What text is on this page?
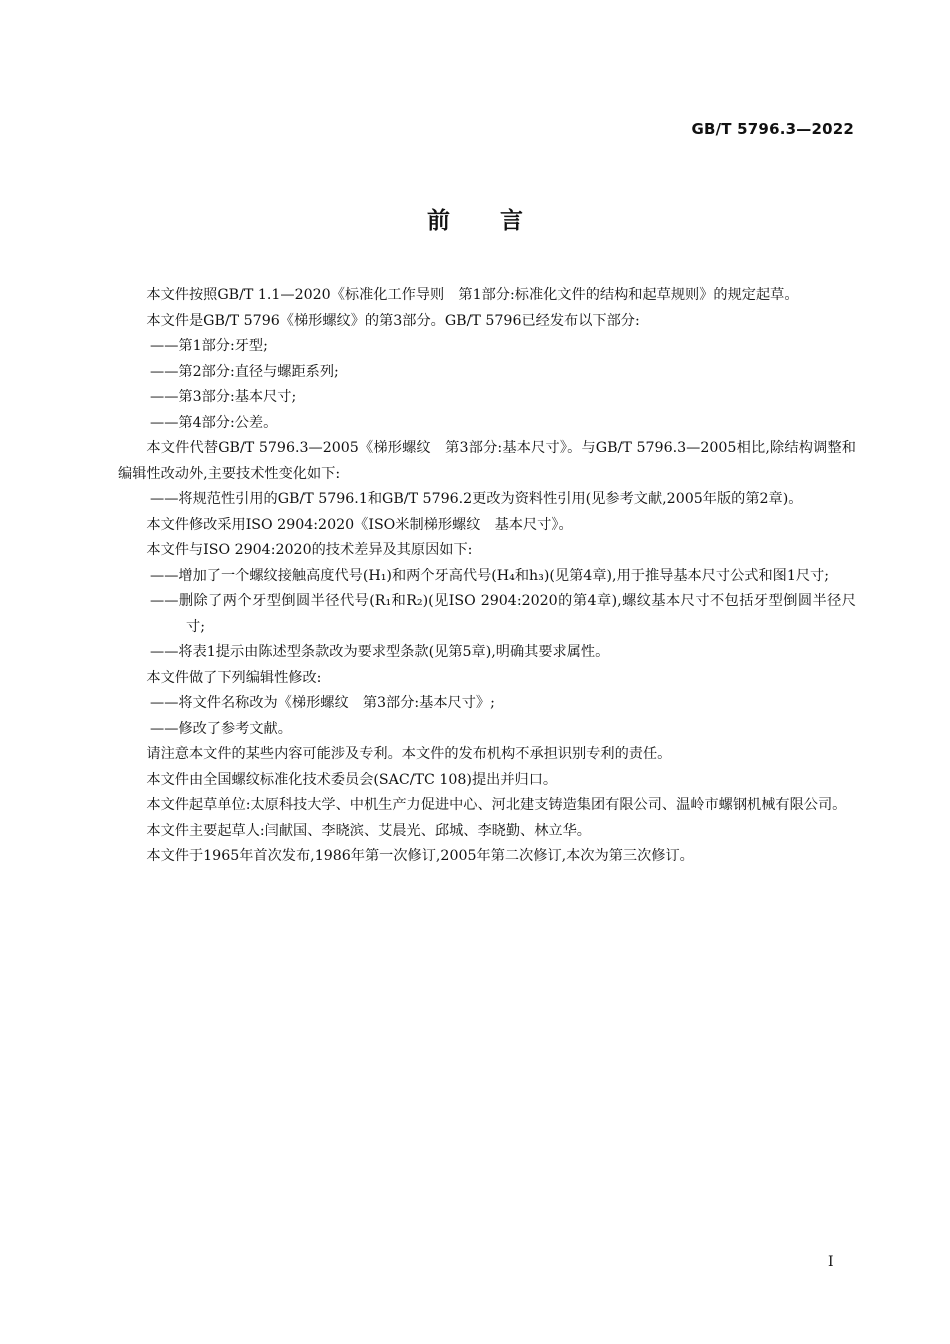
GB/T 5796.3—2022
前言

本文件按照GB/T 1.1—2020《标准化工作导则　第1部分:标准化文件的结构和起草规则》的规定起草。

本文件是GB/T 5796《梯形螺纹》的第3部分。GB/T 5796已经发布以下部分:

——第1部分:牙型;

——第2部分:直径与螺距系列;

——第3部分:基本尺寸;

——第4部分:公差。

本文件代替GB/T 5796.3—2005《梯形螺纹　第3部分:基本尺寸》。与GB/T 5796.3—2005相比,除结构调整和编辑性改动外,主要技术性变化如下:

——将规范性引用的GB/T 5796.1和GB/T 5796.2更改为资料性引用(见参考文献,2005年版的第2章)。

本文件修改采用ISO 2904:2020《ISO米制梯形螺纹　基本尺寸》。

本文件与ISO 2904:2020的技术差异及其原因如下:

——增加了一个螺纹接触高度代号(H₁)和两个牙高代号(H₄和h₃)(见第4章),用于推导基本尺寸公式和图1尺寸;

——删除了两个牙型倒圆半径代号(R₁和R₂)(见ISO 2904:2020的第4章),螺纹基本尺寸不包括牙型倒圆半径尺寸;

——将表1提示由陈述型条款改为要求型条款(见第5章),明确其要求属性。

本文件做了下列编辑性修改:

——将文件名称改为《梯形螺纹　第3部分:基本尺寸》;

——修改了参考文献。

请注意本文件的某些内容可能涉及专利。本文件的发布机构不承担识别专利的责任。

本文件由全国螺纹标准化技术委员会(SAC/TC 108)提出并归口。

本文件起草单位:太原科技大学、中机生产力促进中心、河北建支铸造集团有限公司、温岭市螺钢机械有限公司。

本文件主要起草人:闫献国、李晓滨、艾晨光、邱城、李晓勤、林立华。

本文件于1965年首次发布,1986年第一次修订,2005年第二次修订,本次为第三次修订。

I
